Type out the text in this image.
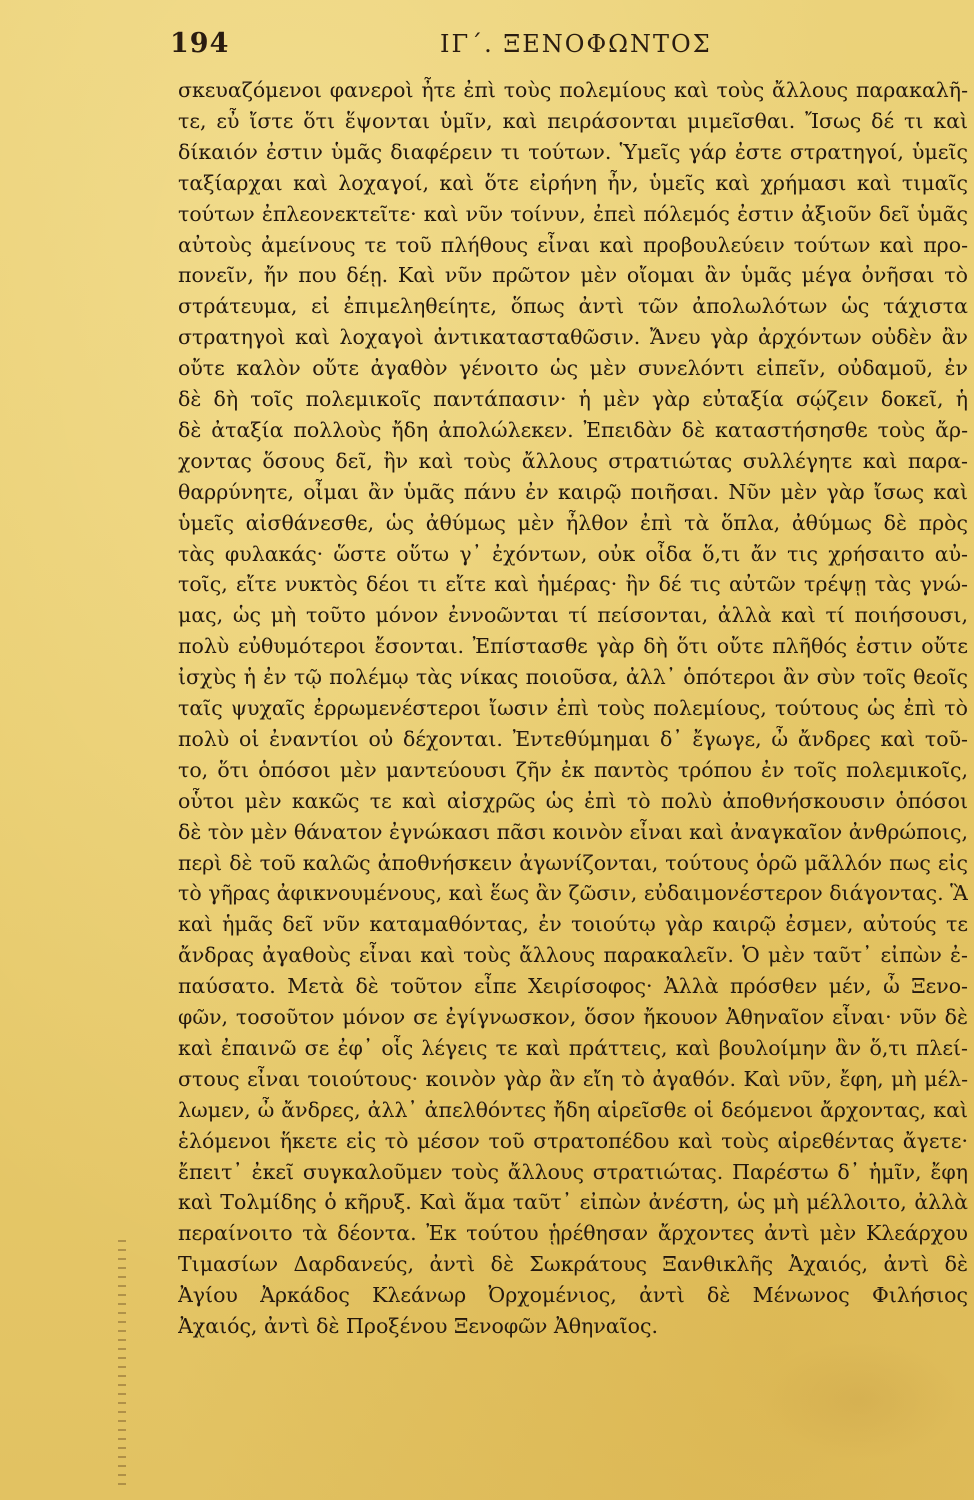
194	ΙΓ΄. ΞΕΝΟΦΩΝΤΟΣ
σκευαζόμενοι φανεροὶ ἦτε ἐπὶ τοὺς πολεμίους καὶ τοὺς ἄλλους παρακαλῆ-
τε, εὖ ἴστε ὅτι ἕψονται ὑμῖν, καὶ πειράσονται μιμεῖσθαι. Ἴσως δέ τι καὶ
δίκαιόν ἐστιν ὑμᾶς διαφέρειν τι τούτων. Ὑμεῖς γάρ ἐστε στρατηγοί, ὑμεῖς
ταξίαρχαι καὶ λοχαγοί, καὶ ὅτε εἰρήνη ἦν, ὑμεῖς καὶ χρήμασι καὶ τιμαῖς
τούτων ἐπλεονεκτεῖτε· καὶ νῦν τοίνυν, ἐπεὶ πόλεμός ἐστιν ἀξιοῦν δεῖ ὑμᾶς
αὐτοὺς ἀμείνους τε τοῦ πλήθους εἶναι καὶ προβουλεύειν τούτων καὶ προ-
πονεῖν, ἤν που δέῃ. Καὶ νῦν πρῶτον μὲν οἴομαι ἂν ὑμᾶς μέγα ὀνῆσαι τὸ
στράτευμα, εἰ ἐπιμεληθείητε, ὅπως ἀντὶ τῶν ἀπολωλότων ὡς τάχιστα
στρατηγοὶ καὶ λοχαγοὶ ἀντικατασταθῶσιν. Ἄνευ γὰρ ἀρχόντων οὐδὲν ἂν
οὔτε καλὸν οὔτε ἀγαθὸν γένοιτο ὡς μὲν συνελόντι εἰπεῖν, οὐδαμοῦ, ἐν
δὲ δὴ τοῖς πολεμικοῖς παντάπασιν· ἡ μὲν γὰρ εὐταξία σῴζειν δοκεῖ, ἡ
δὲ ἀταξία πολλοὺς ἤδη ἀπολώλεκεν. Ἐπειδὰν δὲ καταστήσησθε τοὺς ἄρ-
χοντας ὅσους δεῖ, ἢν καὶ τοὺς ἄλλους στρατιώτας συλλέγητε καὶ παρα-
θαρρύνητε, οἶμαι ἂν ὑμᾶς πάνυ ἐν καιρῷ ποιῆσαι. Νῦν μὲν γὰρ ἴσως καὶ
ὑμεῖς αἰσθάνεσθε, ὡς ἀθύμως μὲν ἦλθον ἐπὶ τὰ ὅπλα, ἀθύμως δὲ πρὸς
τὰς φυλακάς· ὥστε οὕτω γ᾽ ἐχόντων, οὐκ οἶδα ὅ,τι ἄν τις χρήσαιτο αὐ-
τοῖς, εἴτε νυκτὸς δέοι τι εἴτε καὶ ἡμέρας· ἢν δέ τις αὐτῶν τρέψῃ τὰς γνώ-
μας, ὡς μὴ τοῦτο μόνον ἐννοῶνται τί πείσονται, ἀλλὰ καὶ τί ποιήσουσι,
πολὺ εὐθυμότεροι ἔσονται. Ἐπίστασθε γὰρ δὴ ὅτι οὔτε πλῆθός ἐστιν οὔτε
ἰσχὺς ἡ ἐν τῷ πολέμῳ τὰς νίκας ποιοῦσα, ἀλλ᾽ ὁπότεροι ἂν σὺν τοῖς θεοῖς
ταῖς ψυχαῖς ἐρρωμενέστεροι ἴωσιν ἐπὶ τοὺς πολεμίους, τούτους ὡς ἐπὶ τὸ
πολὺ οἱ ἐναντίοι οὐ δέχονται. Ἐντεθύμημαι δ᾽ ἔγωγε, ὦ ἄνδρες καὶ τοῦ-
το, ὅτι ὁπόσοι μὲν μαντεύουσι ζῆν ἐκ παντὸς τρόπου ἐν τοῖς πολεμικοῖς,
οὗτοι μὲν κακῶς τε καὶ αἰσχρῶς ὡς ἐπὶ τὸ πολὺ ἀποθνήσκουσιν ὁπόσοι
δὲ τὸν μὲν θάνατον ἐγνώκασι πᾶσι κοινὸν εἶναι καὶ ἀναγκαῖον ἀνθρώποις,
περὶ δὲ τοῦ καλῶς ἀποθνήσκειν ἀγωνίζονται, τούτους ὁρῶ μᾶλλόν πως εἰς
τὸ γῆρας ἀφικνουμένους, καὶ ἕως ἂν ζῶσιν, εὐδαιμονέστερον διάγοντας. Ἃ
καὶ ἡμᾶς δεῖ νῦν καταμαθόντας, ἐν τοιούτῳ γὰρ καιρῷ ἐσμεν, αὐτούς τε
ἄνδρας ἀγαθοὺς εἶναι καὶ τοὺς ἄλλους παρακαλεῖν. Ὁ μὲν ταῦτ᾽ εἰπὼν ἐ-
παύσατο. Μετὰ δὲ τοῦτον εἶπε Χειρίσοφος· Ἀλλὰ πρόσθεν μέν, ὦ Ξενο-
φῶν, τοσοῦτον μόνον σε ἐγίγνωσκον, ὅσον ἤκουον Ἀθηναῖον εἶναι· νῦν δὲ
καὶ ἐπαινῶ σε ἐφ᾽ οἷς λέγεις τε καὶ πράττεις, καὶ βουλοίμην ἂν ὅ,τι πλεί-
στους εἶναι τοιούτους· κοινὸν γὰρ ἂν εἴη τὸ ἀγαθόν. Καὶ νῦν, ἔφη, μὴ μέλ-
λωμεν, ὦ ἄνδρες, ἀλλ᾽ ἀπελθόντες ἤδη αἱρεῖσθε οἱ δεόμενοι ἄρχοντας, καὶ
ἑλόμενοι ἥκετε εἰς τὸ μέσον τοῦ στρατοπέδου καὶ τοὺς αἱρεθέντας ἄγετε·
ἔπειτ᾽ ἐκεῖ συγκαλοῦμεν τοὺς ἄλλους στρατιώτας. Παρέστω δ᾽ ἡμῖν, ἔφη
καὶ Τολμίδης ὁ κῆρυξ. Καὶ ἅμα ταῦτ᾽ εἰπὼν ἀνέστη, ὡς μὴ μέλλοιτο, ἀλλὰ
περαίνοιτο τὰ δέοντα. Ἐκ τούτου ᾑρέθησαν ἄρχοντες ἀντὶ μὲν Κλεάρχου
Τιμασίων Δαρδανεύς, ἀντὶ δὲ Σωκράτους Ξανθικλῆς Ἀχαιός, ἀντὶ δὲ
Ἀγίου Ἀρκάδος Κλεάνωρ Ὀρχομένιος, ἀντὶ δὲ Μένωνος Φιλήσιος
Ἀχαιός, ἀντὶ δὲ Προξένου Ξενοφῶν Ἀθηναῖος.
